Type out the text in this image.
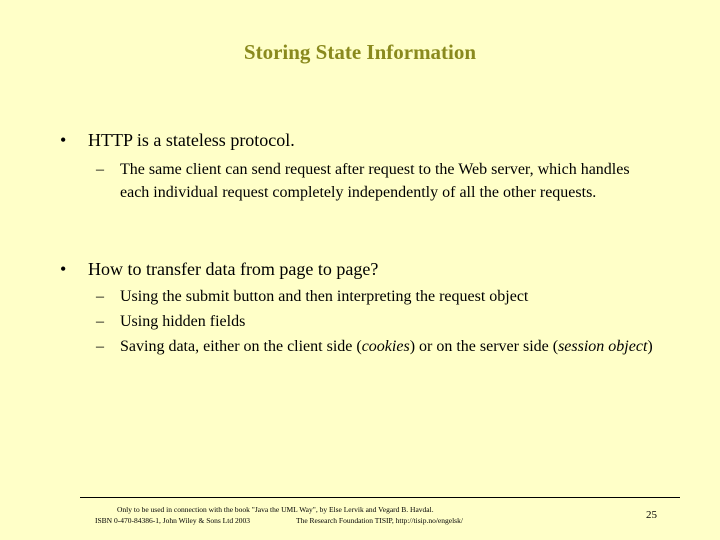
Storing State Information
• HTTP is a stateless protocol.
– The same client can send request after request to the Web server, which handles each individual request completely independently of all the other requests.
• How to transfer data from page to page?
– Using the submit button and then interpreting the request object
– Using hidden fields
– Saving data, either on the client side (cookies) or on the server side (session object)
Only to be used in connection with the book "Java the UML Way", by Else Lervik and Vegard B. Havdal.
ISBN 0-470-84386-1, John Wiley & Sons Ltd 2003	The Research Foundation TISIP, http://tisip.no/engelsk/	25
